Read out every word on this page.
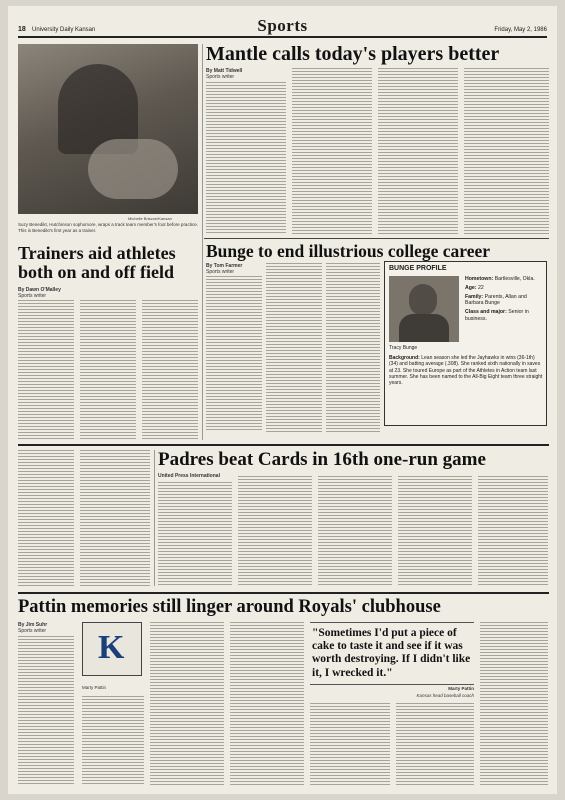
18 University Daily Kansan	Sports	Friday, May 2, 1986
Michelle Briscoe/Kansan
Suzy Benedikt, Hutchinson sophomore, wraps a track team member's foot before practice. This is Benedikt's first year as a trainer.
Mantle calls today's players better
By Matt Tidwell
Sports writer
Trainers aid athletes both on and off field
By Dawn O'Malley
Sports writer
Bunge to end illustrious college career
By Tom Farmer
Sports writer	BUNGE PROFILE
Tracy Bunge
Hometown: Bartlesville, Okla.
Age: 22
Family: Parents, Allan and Barbara Bunge
Class and major: Senior in business.

Background: Lean season she led the Jayhawks in wins (36-1th) (34) and batting average (.308). She ranked sixth nationally in saves at 23. She toured Europe as part of the Athletes in Action team last summer. She has been named to the All-Big Eight team three straight years.

Padres beat Cards in 16th one-run game
United Press International
Pattin memories still linger around Royals' clubhouse
By Jim Suhr
Sports writer K
Marty Pattin
"Sometimes I'd put a piece of cake to taste it and see if it was worth destroying. If I didn't like it, I wrecked it."
Marty Pattin
Kansas head baseball coach
